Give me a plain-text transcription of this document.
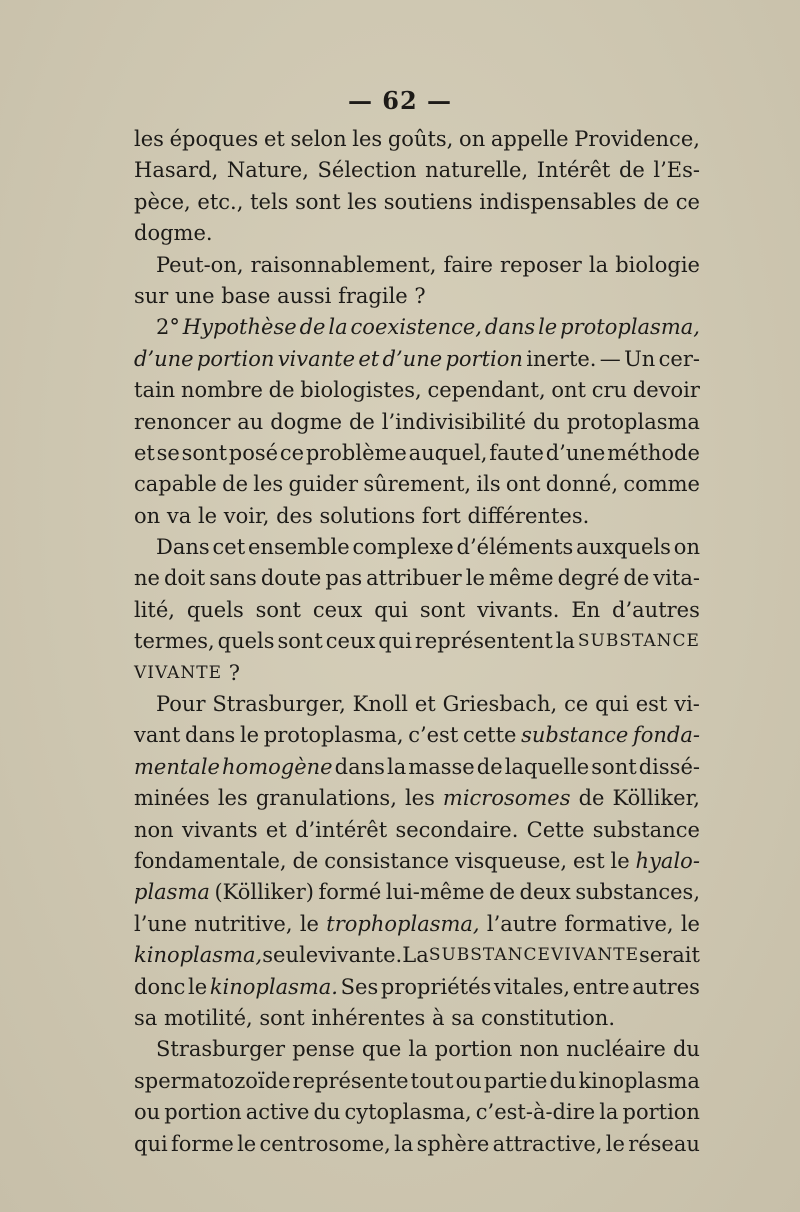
— 62 —
les époques et selon les goûts, on appelle Providence,
Hasard, Nature, Sélection naturelle, Intérêt de l’Es-
pèce, etc., tels sont les soutiens indispensables de ce
dogme.
Peut-on, raisonnablement, faire reposer la biologie
sur
une
base
aussi
fragile
?
2° Hypothèse de la coexistence, dans le protoplasma,
d’une portion vivante et d’une portion inerte. — Un cer-
tain nombre de biologistes, cependant, ont cru devoir
renoncer au dogme de l’indivisibilité du protoplasma
et se sont posé ce problème auquel, faute d’une méthode
capable de les guider sûrement, ils ont donné, comme
on
va
le
voir,
des
solutions
fort
différentes.
Dans cet ensemble complexe d’éléments auxquels on
ne doit sans doute pas attribuer le même degré de vita-
lité, quels sont ceux qui sont vivants. En d’autres
termes, quels sont ceux qui représentent la SUBSTANCE
VIVANTE
?
Pour Strasburger, Knoll et Griesbach, ce qui est vi-
vant dans le protoplasma, c’est cette substance fonda-
mentale homogène dans la masse de laquelle sont dissé-
minées les granulations, les microsomes de Kölliker,
non vivants et d’intérêt secondaire. Cette substance
fondamentale, de consistance visqueuse, est le hyalo-
plasma (Kölliker) formé lui-même de deux substances,
l’une nutritive, le trophoplasma, l’autre formative, le
kinoplasma, seule vivante. La SUBSTANCE VIVANTE serait
donc le kinoplasma. Ses propriétés vitales, entre autres
sa
motilité,
sont
inhérentes
à
sa
constitution.
Strasburger pense que la portion non nucléaire du
spermatozoïde représente tout ou partie du kinoplasma
ou portion active du cytoplasma, c’est-à-dire la portion
qui forme le centrosome, la sphère attractive, le réseau
